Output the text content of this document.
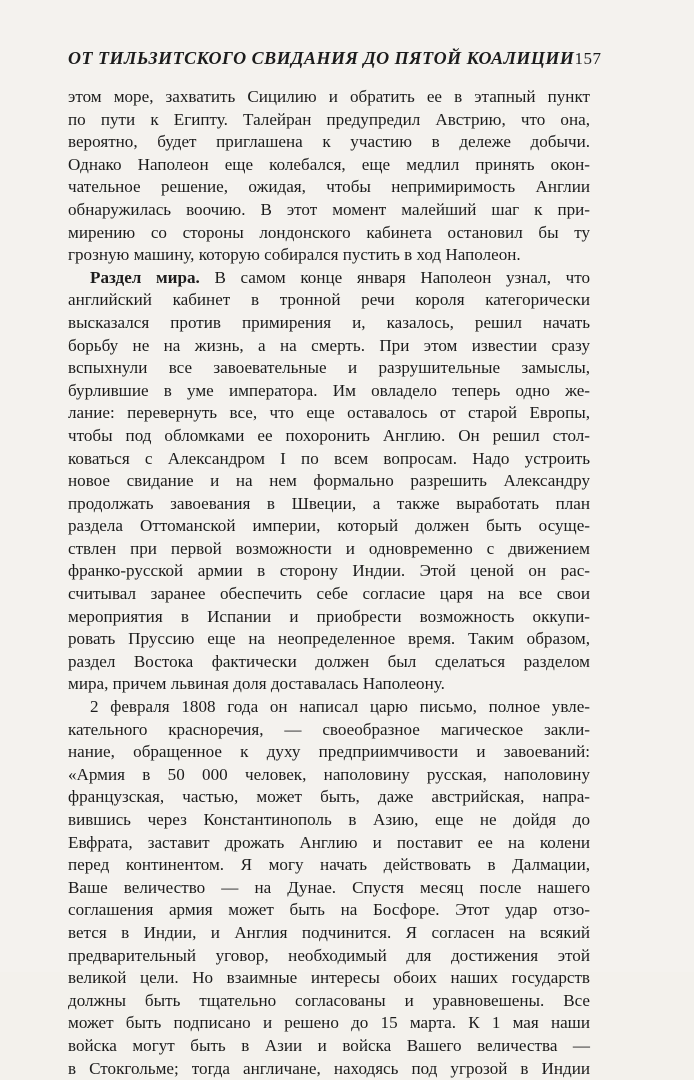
ОТ ТИЛЬЗИТСКОГО СВИДАНИЯ ДО ПЯТОЙ КОАЛИЦИИ 157
этом море, захватить Сицилию и обратить ее в этапный пункт
по пути к Египту. Талейран предупредил Австрию, что она,
вероятно, будет приглашена к участию в дележе добычи.
Однако Наполеон еще колебался, еще медлил принять окон-
чательное решение, ожидая, чтобы непримиримость Англии
обнаружилась воочию. В этот момент малейший шаг к при-
мирению со стороны лондонского кабинета остановил бы ту
грозную машину, которую собирался пустить в ход Наполеон.
Раздел мира. В самом конце января Наполеон узнал, что
английский кабинет в тронной речи короля категорически
высказался против примирения и, казалось, решил начать
борьбу не на жизнь, а на смерть. При этом известии сразу
вспыхнули все завоевательные и разрушительные замыслы,
бурлившие в уме императора. Им овладело теперь одно же-
лание: перевернуть все, что еще оставалось от старой Европы,
чтобы под обломками ее похоронить Англию. Он решил стол-
коваться с Александром I по всем вопросам. Надо устроить
новое свидание и на нем формально разрешить Александру
продолжать завоевания в Швеции, а также выработать план
раздела Оттоманской империи, который должен быть осуще-
ствлен при первой возможности и одновременно с движением
франко-русской армии в сторону Индии. Этой ценой он рас-
считывал заранее обеспечить себе согласие царя на все свои
мероприятия в Испании и приобрести возможность оккупи-
ровать Пруссию еще на неопределенное время. Таким образом,
раздел Востока фактически должен был сделаться разделом
мира, причем львиная доля доставалась Наполеону.
2 февраля 1808 года он написал царю письмо, полное увле-
кательного красноречия, — своеобразное магическое закли-
нание, обращенное к духу предприимчивости и завоеваний:
«Армия в 50 000 человек, наполовину русская, наполовину
французская, частью, может быть, даже австрийская, напра-
вившись через Константинополь в Азию, еще не дойдя до
Евфрата, заставит дрожать Англию и поставит ее на колени
перед континентом. Я могу начать действовать в Далмации,
Ваше величество — на Дунае. Спустя месяц после нашего
соглашения армия может быть на Босфоре. Этот удар отзо-
вется в Индии, и Англия подчинится. Я согласен на всякий
предварительный уговор, необходимый для достижения этой
великой цели. Но взаимные интересы обоих наших государств
должны быть тщательно согласованы и уравновешены. Все
может быть подписано и решено до 15 марта. К 1 мая наши
войска могут быть в Азии и войска Вашего величества —
в Стокгольме; тогда англичане, находясь под угрозой в Индии
